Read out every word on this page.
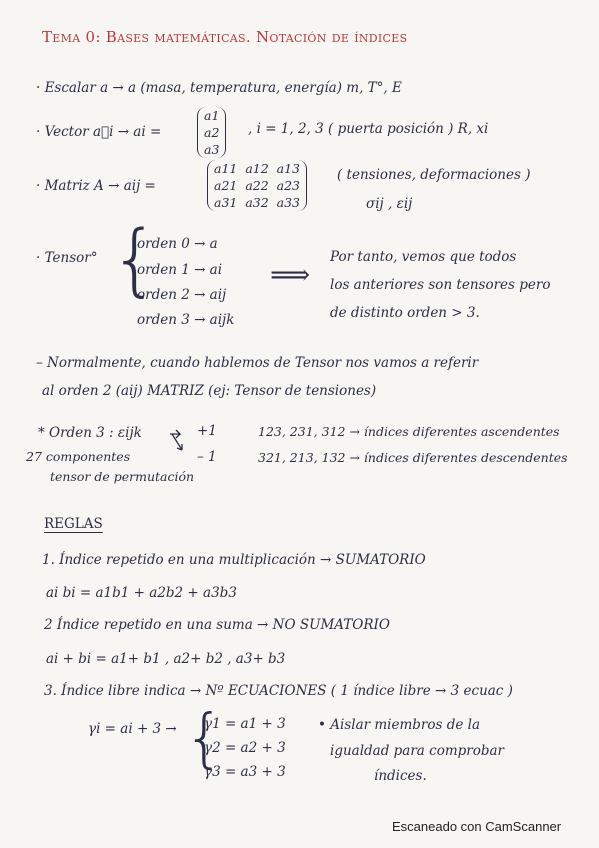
Tema 0: Bases matemáticas. Notación de índices
· Escalar a → a (masa, temperatura, energía) m, T°, E
· Vector a⃗i → ai =
a1
a2
a3
, i = 1, 2, 3 ( puerta posición ) R, xi
· Matriz A → aij =
a11 a12 a13
a21 a22 a23
a31 a32 a33
( tensiones, deformaciones )
σij , εij
· Tensor° {
orden 0 → a
orden 1 → ai
orden 2 → aij
orden 3 → aijk
⟹
Por tanto, vemos que todos
los anteriores son tensores pero
de distinto orden > 3.
– Normalmente, cuando hablemos de Tensor nos vamos a referir
al orden 2 (aij) MATRIZ (ej: Tensor de tensiones)
* Orden 3 : εijk	+1
– 1
123, 231, 312 → índices diferentes ascendentes
321, 213, 132 → índices diferentes descendentes
27 componentes
tensor de permutación
REGLAS
1. Índice repetido en una multiplicación → SUMATORIO
ai bi = a1b1 + a2b2 + a3b3
2 Índice repetido en una suma → NO SUMATORIO
ai + bi = a1+ b1 , a2+ b2 , a3+ b3
3. Índice libre indica → Nº ECUACIONES ( 1 índice libre → 3 ecuac )
γi = ai + 3 → {
γ1 = a1 + 3
γ2 = a2 + 3
γ3 = a3 + 3
• Aislar miembros de la
igualdad para comprobar
índices.
Escaneado con CamScanner
